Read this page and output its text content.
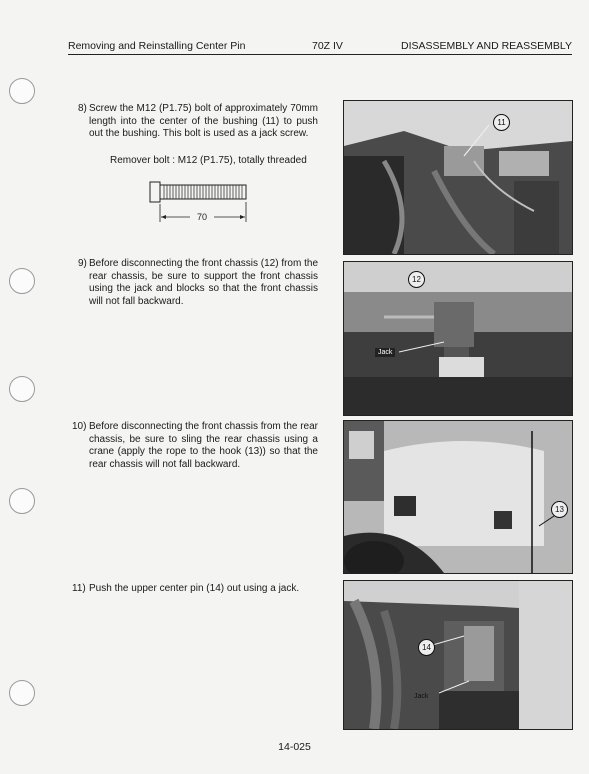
Removing and Reinstalling Center Pin	70Z IV	DISASSEMBLY AND REASSEMBLY
8) Screw the M12 (P1.75) bolt of approximately 70mm length into the center of the bushing (11) to push out the bushing. This bolt is used as a jack screw.
Remover bolt : M12 (P1.75), totally threaded
70
9) Before disconnecting the front chassis (12) from the rear chassis, be sure to support the front chassis using the jack and blocks so that the front chassis will not fall backward.
10) Before disconnecting the front chassis from the rear chassis, be sure to sling the rear chassis using a crane (apply the rope to the hook (13)) so that the rear chassis will not fall backward.
11) Push the upper center pin (14) out using a jack.
11
12
Jack
13
14
Jack
14-025
